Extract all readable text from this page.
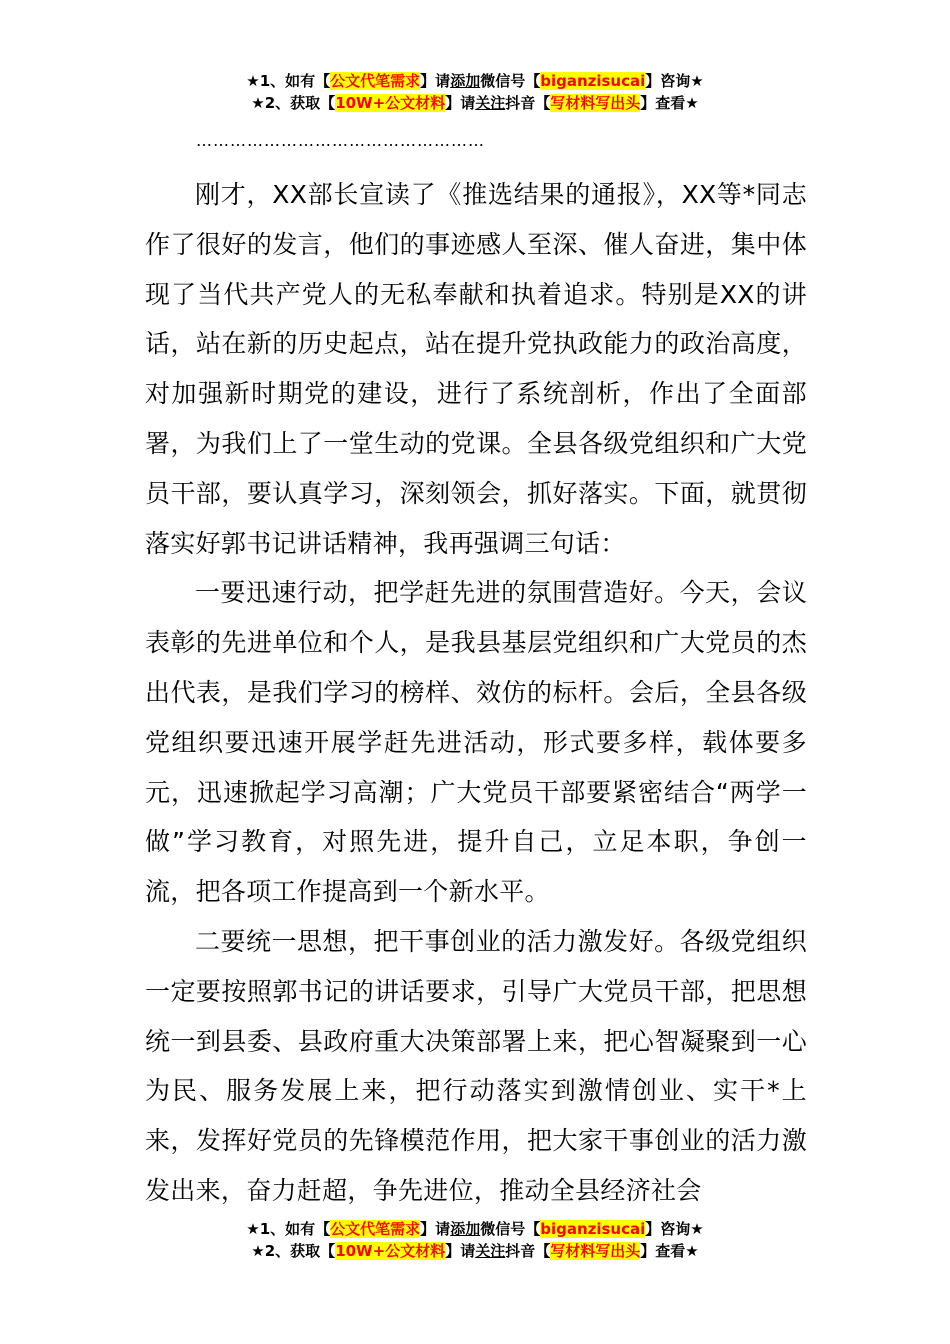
★1、如有【公文代笔需求】请添加微信号【biganzisucai】咨询★
★2、获取【10W+公文材料】请关注抖音【写材料写出头】查看★
……………………………………………

刚才，XX部长宣读了《推选结果的通报》，XX等*同志作了很好的发言，他们的事迹感人至深、催人奋进，集中体现了当代共产党人的无私奉献和执着追求。特别是XX的讲话，站在新的历史起点，站在提升党执政能力的政治高度，对加强新时期党的建设，进行了系统剖析，作出了全面部署，为我们上了一堂生动的党课。全县各级党组织和广大党员干部，要认真学习，深刻领会，抓好落实。下面，就贯彻落实好郭书记讲话精神，我再强调三句话：

一要迅速行动，把学赶先进的氛围营造好。今天，会议表彰的先进单位和个人，是我县基层党组织和广大党员的杰出代表，是我们学习的榜样、效仿的标杆。会后，全县各级党组织要迅速开展学赶先进活动，形式要多样，载体要多元，迅速掀起学习高潮；广大党员干部要紧密结合“两学一做”学习教育，对照先进，提升自己，立足本职，争创一流，把各项工作提高到一个新水平。

二要统一思想，把干事创业的活力激发好。各级党组织一定要按照郭书记的讲话要求，引导广大党员干部，把思想统一到县委、县政府重大决策部署上来，把心智凝聚到一心为民、服务发展上来，把行动落实到激情创业、实干*上来，发挥好党员的先锋模范作用，把大家干事创业的活力激发出来，奋力赶超，争先进位，推动全县经济社会

★1、如有【公文代笔需求】请添加微信号【biganzisucai】咨询★
★2、获取【10W+公文材料】请关注抖音【写材料写出头】查看★
